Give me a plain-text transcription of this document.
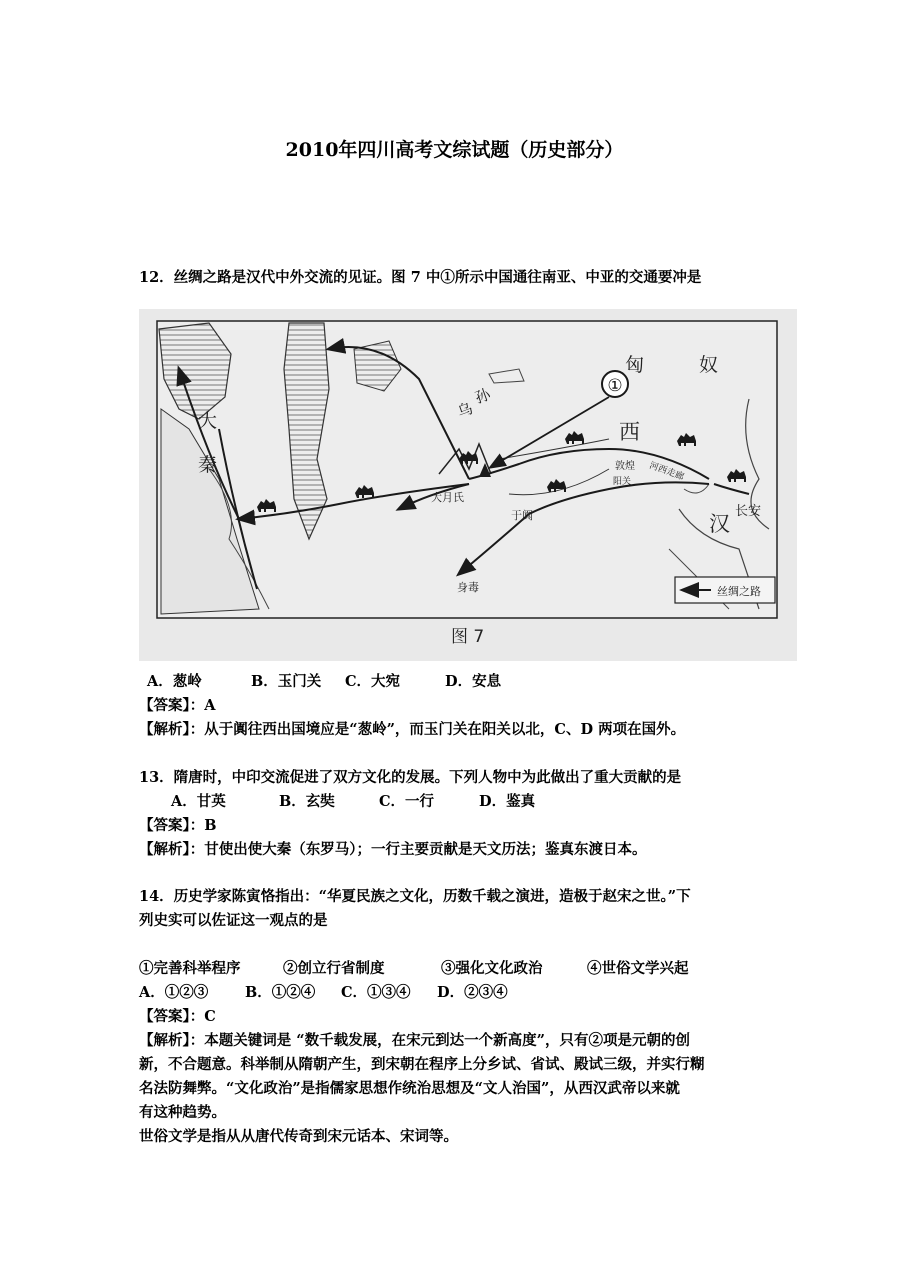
2010年四川高考文综试题（历史部分）
12．丝绸之路是汉代中外交流的见证。图 7 中①所示中国通往南亚、中亚的交通要冲是
①
匈	奴
大
秦
乌
孙
西
汉
长安
大月氏
于阗
身毒
敦煌
阳关 河西走廊
丝绸之路
图 7
A．葱岭	B．玉门关 C．大宛	D．安息
【答案】：A
【解析】：从于阗往西出国境应是“葱岭”，而玉门关在阳关以北，C、D 两项在国外。
13．隋唐时，中印交流促进了双方文化的发展。下列人物中为此做出了重大贡献的是
A．甘英	B．玄奘	C．一行	D．鉴真
【答案】：B
【解析】：甘使出使大秦（东罗马）；一行主要贡献是天文历法；鉴真东渡日本。
14．历史学家陈寅恪指出：“华夏民族之文化，历数千载之演进，造极于赵宋之世。”下
列史实可以佐证这一观点的是
①完善科举程序	②创立行省制度	③强化文化政治	④世俗文学兴起
A．①②③	B．①②④ C．①③④ D．②③④
【答案】：C
【解析】：本题关键词是 “数千载发展，在宋元到达一个新高度”，只有②项是元朝的创
新，不合题意。科举制从隋朝产生，到宋朝在程序上分乡试、省试、殿试三级，并实行糊
名法防舞弊。“文化政治”是指儒家思想作统治思想及“文人治国”，从西汉武帝以来就
有这种趋势。
世俗文学是指从从唐代传奇到宋元话本、宋词等。
